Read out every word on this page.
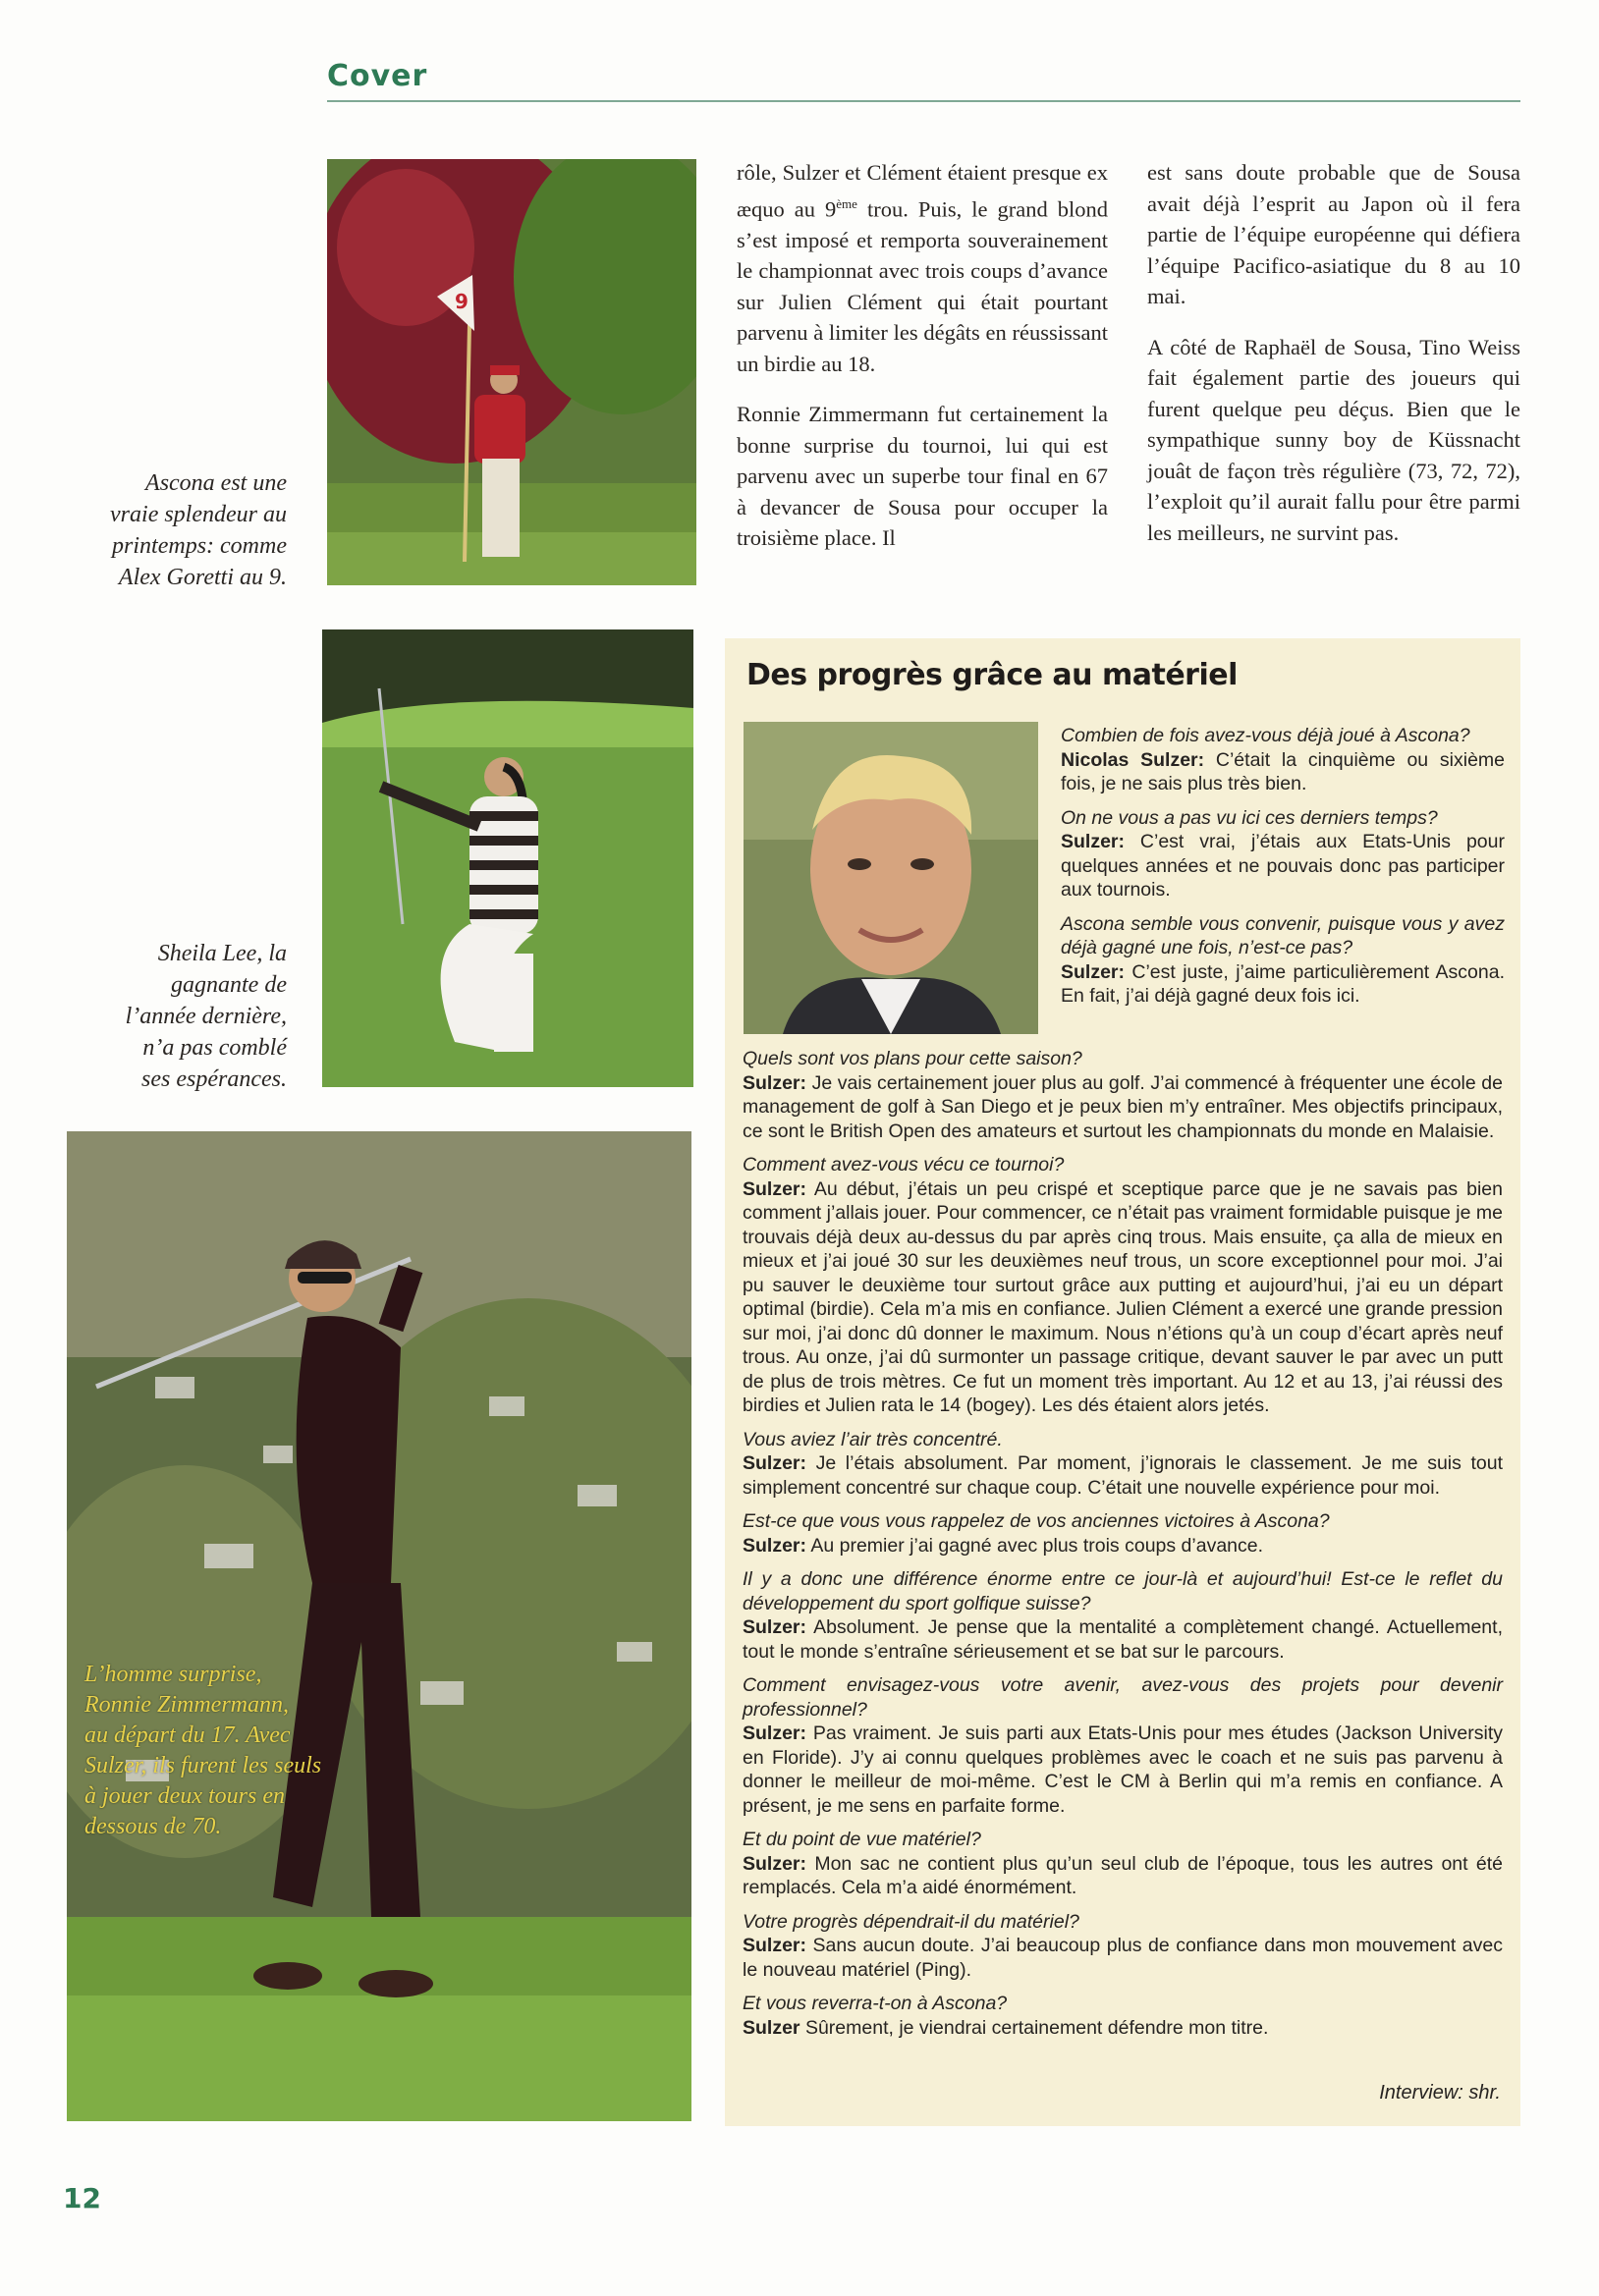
Cover
9
Ascona est une
vraie splendeur au
printemps: comme
Alex Goretti au 9.
Sheila Lee, la
gagnante de
l’année dernière,
n’a pas comblé
ses espérances.
L’homme surprise,
Ronnie Zimmermann,
au départ du 17. Avec
Sulzer, ils furent les seuls
à jouer deux tours en
dessous de 70.

rôle, Sulzer et Clément étaient presque ex æquo au 9ème trou. Puis, le grand blond s’est imposé et remporta souverainement le championnat avec trois coups d’avance sur Julien Clément qui était pourtant parvenu à limiter les dégâts en réussissant un birdie au 18.

Ronnie Zimmermann fut certainement la bonne surprise du tournoi, lui qui est parvenu avec un superbe tour final en 67 à devancer de Sousa pour occuper la troisième place. Il

est sans doute probable que de Sousa avait déjà l’esprit au Japon où il fera partie de l’équipe européenne qui défiera l’équipe Pacifico-asiatique du 8 au 10 mai.

A côté de Raphaël de Sousa, Tino Weiss fait également partie des joueurs qui furent quelque peu déçus. Bien que le sympathique sunny boy de Küssnacht jouât de façon très régulière (73, 72, 72), l’exploit qu’il aurait fallu pour être parmi les meilleurs, ne survint pas.

Des progrès grâce au matériel
Combien de fois avez-vous déjà joué à Ascona?
Nicolas Sulzer: C’était la cinquième ou sixième fois, je ne sais plus très bien.
On ne vous a pas vu ici ces derniers temps?
Sulzer: C’est vrai, j’étais aux Etats-Unis pour quelques années et ne pouvais donc pas participer aux tournois.
Ascona semble vous convenir, puisque vous y avez déjà gagné une fois, n’est-ce pas?
Sulzer: C’est juste, j’aime particulièrement Ascona. En fait, j’ai déjà gagné deux fois ici.
Quels sont vos plans pour cette saison?
Sulzer: Je vais certainement jouer plus au golf. J’ai commencé à fréquenter une école de management de golf à San Diego et je peux bien m’y entraîner. Mes objectifs principaux, ce sont le British Open des amateurs et surtout les championnats du monde en Malaisie.
Comment avez-vous vécu ce tournoi?
Sulzer: Au début, j’étais un peu crispé et sceptique parce que je ne savais pas bien comment j’allais jouer. Pour commencer, ce n’était pas vraiment formidable puisque je me trouvais déjà deux au-dessus du par après cinq trous. Mais ensuite, ça alla de mieux en mieux et j’ai joué 30 sur les deuxièmes neuf trous, un score exceptionnel pour moi. J’ai pu sauver le deuxième tour surtout grâce aux putting et aujourd’hui, j’ai eu un départ optimal (birdie). Cela m’a mis en confiance. Julien Clément a exercé une grande pression sur moi, j’ai donc dû donner le maximum. Nous n’étions qu’à un coup d’écart après neuf trous. Au onze, j’ai dû surmonter un passage critique, devant sauver le par avec un putt de plus de trois mètres. Ce fut un moment très important. Au 12 et au 13, j’ai réussi des birdies et Julien rata le 14 (bogey). Les dés étaient alors jetés.
Vous aviez l’air très concentré.
Sulzer: Je l’étais absolument. Par moment, j’ignorais le classement. Je me suis tout simplement concentré sur chaque coup. C’était une nouvelle expérience pour moi.
Est-ce que vous vous rappelez de vos anciennes victoires à Ascona?
Sulzer: Au premier j’ai gagné avec plus trois coups d’avance.
Il y a donc une différence énorme entre ce jour-là et aujourd’hui! Est-ce le reflet du développement du sport golfique suisse?
Sulzer: Absolument. Je pense que la mentalité a complètement changé. Actuellement, tout le monde s’entraîne sérieusement et se bat sur le parcours.
Comment envisagez-vous votre avenir, avez-vous des projets pour devenir professionnel?
Sulzer: Pas vraiment. Je suis parti aux Etats-Unis pour mes études (Jackson University en Floride). J’y ai connu quelques problèmes avec le coach et ne suis pas parvenu à donner le meilleur de moi-même. C’est le CM à Berlin qui m’a remis en confiance. A présent, je me sens en parfaite forme.
Et du point de vue matériel?
Sulzer: Mon sac ne contient plus qu’un seul club de l’époque, tous les autres ont été remplacés. Cela m’a aidé énormément.
Votre progrès dépendrait-il du matériel?
Sulzer: Sans aucun doute. J’ai beaucoup plus de confiance dans mon mouvement avec le nouveau matériel (Ping).
Et vous reverra-t-on à Ascona?
Sulzer Sûrement, je viendrai certainement défendre mon titre.
Interview: shr.
12
